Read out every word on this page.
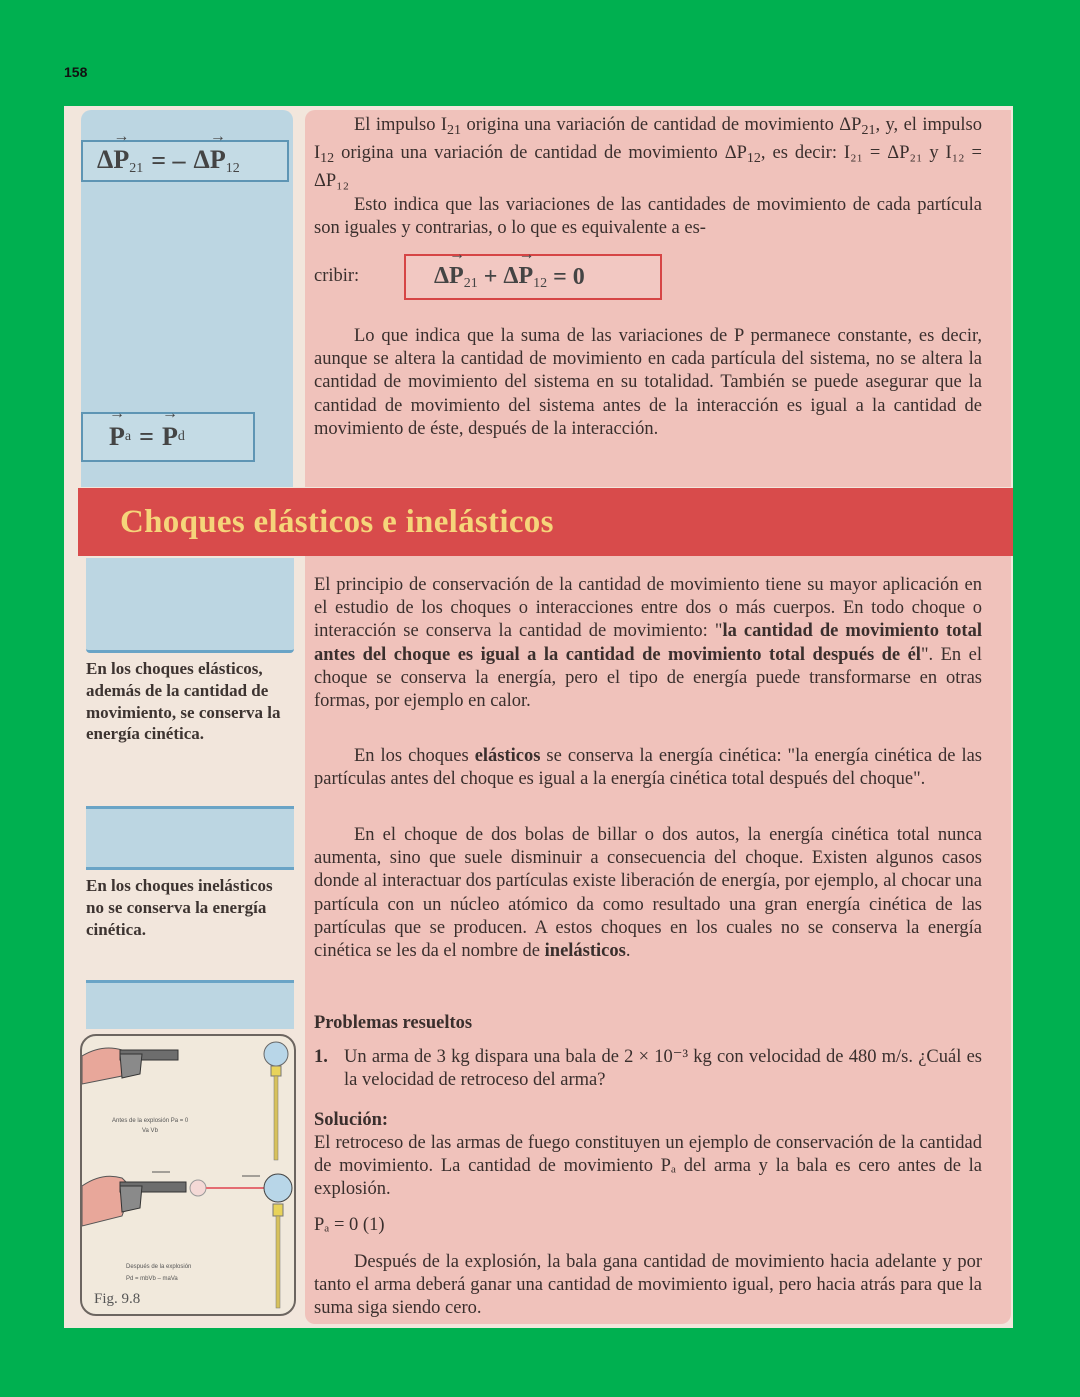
158
$\Delta\to P_{21}$ = – $\Delta\to P_{12}$
→ P a = → P d
El impulso $I_{21}$ origina una variación de cantidad de movimiento $\Delta P_{21}$, y, el impulso $I_{12}$ origina una variación de cantidad de movimiento $\Delta P_{12}$, es decir: I₂₁ = ΔP₂₁ y I₁₂ = ΔP₁₂
Esto indica que las variaciones de las cantidades de movimiento de cada partícula son iguales y contrarias, o lo que es equivalente a es-
cribir:	$\Delta\to P_{21} + \Delta\to P_{12} = 0$
Lo que indica que la suma de las variaciones de P permanece constante, es decir, aunque se altera la cantidad de movimiento en cada partícula del sistema, no se altera la cantidad de movimiento del sistema en su totalidad. También se puede asegurar que la cantidad de movimiento del sistema antes de la interacción es igual a la cantidad de movimiento de éste, después de la interacción.
Choques elásticos e inelásticos
En los choques elásticos, además de la cantidad de movimiento, se conserva la energía cinética.
En los choques inelásticos no se conserva la energía cinética.
El principio de conservación de la cantidad de movimiento tiene su mayor aplicación en el estudio de los choques o interacciones entre dos o más cuerpos. En todo choque o interacción se conserva la cantidad de movimiento: "la cantidad de movimiento total antes del choque es igual a la cantidad de movimiento total después de él". En el choque se conserva la energía, pero el tipo de energía puede transformarse en otras formas, por ejemplo en calor.
En los choques elásticos se conserva la energía cinética: "la energía cinética de las partículas antes del choque es igual a la energía cinética total después del choque".
En el choque de dos bolas de billar o dos autos, la energía cinética total nunca aumenta, sino que suele disminuir a consecuencia del choque. Existen algunos casos donde al interactuar dos partículas existe liberación de energía, por ejemplo, al chocar una partícula con un núcleo atómico da como resultado una gran energía cinética de las partículas que se producen. A estos choques en los cuales no se conserva la energía cinética se les da el nombre de inelásticos.
Problemas resueltos
1. Un arma de 3 kg dispara una bala de 2 × 10⁻³ kg con velocidad de 480 m/s. ¿Cuál es la velocidad de retroceso del arma?
Solución:
El retroceso de las armas de fuego constituyen un ejemplo de conservación de la cantidad de movimiento. La cantidad de movimiento Pₐ del arma y la bala es cero antes de la explosión.
Pₐ = 0 (1)
Después de la explosión, la bala gana cantidad de movimiento hacia adelante y por tanto el arma deberá ganar una cantidad de movimiento igual, pero hacia atrás para que la suma siga siendo cero.
Antes de la explosión Pa = 0
Va Vb
Después de la explosión
Pd = mbVb – maVa
Fig. 9.8
